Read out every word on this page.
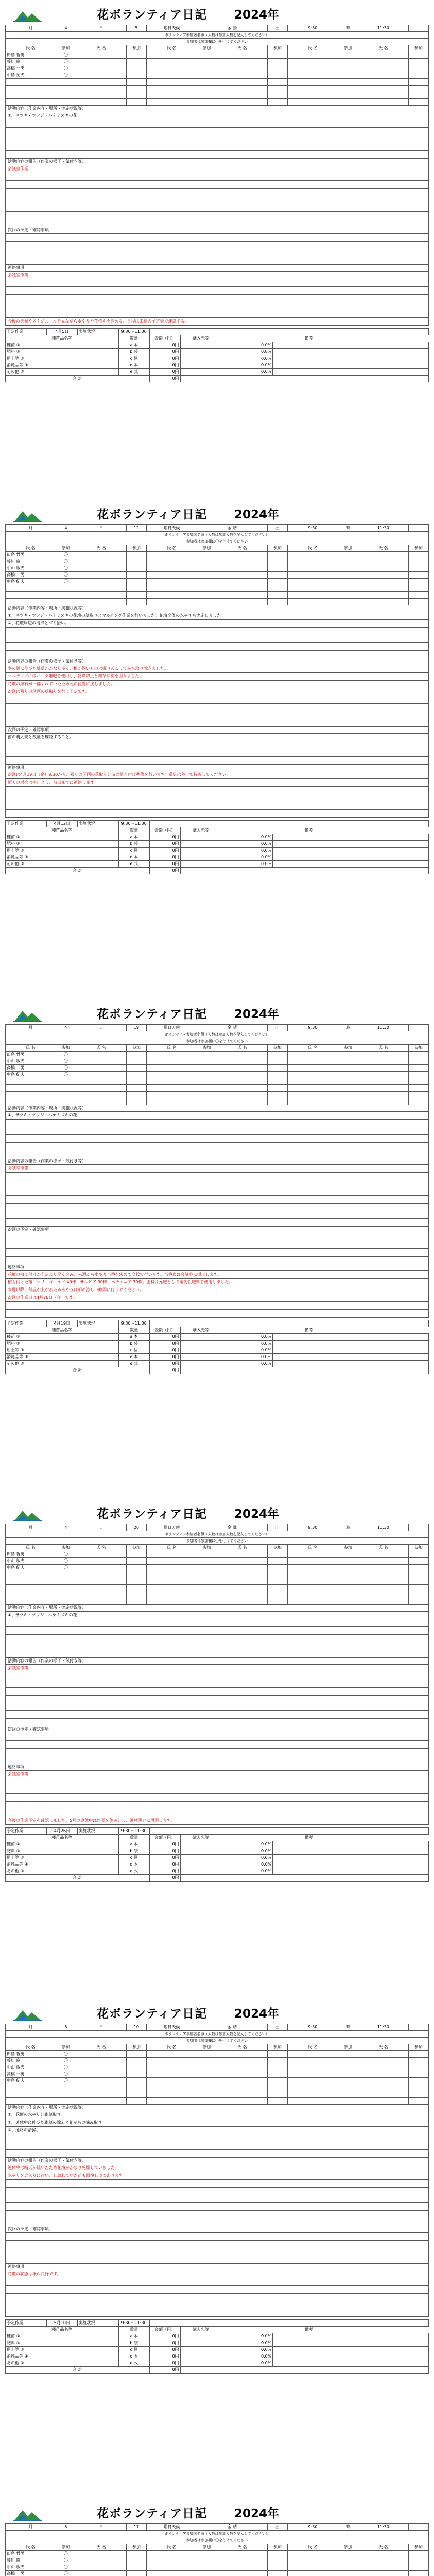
花ボランティア日記 2024年
月	4	日	5	曜日天候	金 曇		出	9:30	時	11:30	
ボランティア参加者名簿（人数は参加人数を記入してください）											
参加者は参加欄に〇を付けてください											
氏 名	参加	氏 名	参加	氏 名	参加	氏 名	参加	氏 名	参加	氏 名	参加
田島 哲男	〇										
藤川 慶	〇										
高橋 一男	〇										
中島 紀夫	〇										

活動内容（作業内容・場所・実施状況等）
①、サツキ・ツツジ・ハナミズキの花
活動内容の報告（作業の様子・気付き等）
会議室作業
次回の予定・確認事項
連絡事項
会議室作業
今後の天候やスケジュールを見ながら水やりや花植えを進める。日程は来週の予定表で連絡する。
予定作業	4月5日	実施状況	9:30～11:30				
種苗品名等			数量	金額（円）	購入先等	備考	
種苗 ①			a 本	0円		0.0%	
肥料 ②			b 袋	0円		0.0%	
用土等 ③			c 個	0円		0.0%	
消耗品等 ④			d 本	0円		0.0%	
その他 ⑤			e 式	0円		0.0%	
合 計				0円			
花ボランティア日記 2024年
月	4	日	12	曜日天候	金 晴		出	9:30	時	11:30	
ボランティア参加者名簿（人数は参加人数を記入してください）											
参加者は参加欄に〇を付けてください											
氏 名	参加	氏 名	参加	氏 名	参加	氏 名	参加	氏 名	参加	氏 名	参加
田島 哲男	〇										
藤川 慶	〇										
中山 敏夫	〇										
高橋 一男	〇										
中島 紀夫	〇										

活動内容（作業内容・場所・実施状況等）
①、サツキ・ツツジ・ハナミズキの花壇の草取りとマルチング作業を行いました。花壇全体の水やりも実施しました。
②、花壇周辺の清掃とゴミ拾い。
活動内容の報告（作業の様子・気付き等）
冬の間に伸びた雑草がかなり多く、根が深いものは掘り起こしてから取り除きました。
マルチングにはバーク堆肥を使用し、乾燥防止と雑草抑制を図りました。
花壇の縁石が一部ずれていたため元の位置に戻しました。
次回は残りの区画の草取りを行う予定です。
次回の予定・確認事項
苗の購入先と数量を確認すること。
連絡事項
次回は4月19日（金）9:30から、残りの区画の草取りと苗の植え付け準備を行います。道具は各自で持参してください。
雨天の場合は中止とし、前日までに連絡します。
予定作業	4月12日	実施状況	9:30～11:30				
種苗品名等			数量	金額（円）	購入先等	備考	
種苗 ①			a 本	0円		0.0%	
肥料 ②			b 袋	0円		0.0%	
用土等 ③			c 個	0円		0.0%	
消耗品等 ④			d 本	0円		0.0%	
その他 ⑤			e 式	0円		0.0%	
合 計				0円			
花ボランティア日記 2024年
月	4	日	19	曜日天候	金 晴		出	9:30	時	11:30	
ボランティア参加者名簿（人数は参加人数を記入してください）											
参加者は参加欄に〇を付けてください											
氏 名	参加	氏 名	参加	氏 名	参加	氏 名	参加	氏 名	参加	氏 名	参加
田島 哲男	〇										
中山 敏夫	〇										
高橋 一男	〇										
中島 紀夫	〇										

活動内容（作業内容・場所・実施状況等）
①、サツキ・ツツジ・ハナミズキの花
活動内容の報告（作業の様子・気付き等）
会議室作業
次回の予定・確認事項
連絡事項
花壇の植え付けが予定より早く進み、来週から水やり当番を決めて交代で行います。当番表は会議室に掲示します。
植え付けた苗：マリーゴールド 40株、サルビア 30株、ペチュニア 30株。肥料は元肥として緩効性肥料を使用しました。
来週以降、気温が上がるため水やりは朝の涼しい時間に行ってください。
次回の作業日は4月26日（金）です。
予定作業	4月19日	実施状況	9:30～11:30				
種苗品名等			数量	金額（円）	購入先等	備考	
種苗 ①			a 本	0円		0.0%	
肥料 ②			b 袋	0円		0.0%	
用土等 ③			c 個	0円		0.0%	
消耗品等 ④			d 本	0円		0.0%	
その他 ⑤			e 式	0円		0.0%	
合 計				0円			
花ボランティア日記 2024年
月	4	日	26	曜日天候	金 曇		出	9:30	時	11:30	
ボランティア参加者名簿（人数は参加人数を記入してください）											
参加者は参加欄に〇を付けてください											
氏 名	参加	氏 名	参加	氏 名	参加	氏 名	参加	氏 名	参加	氏 名	参加
田島 哲男	〇										
中山 敏夫	〇										
中島 紀夫	〇										

活動内容（作業内容・場所・実施状況等）
①、サツキ・ツツジ・ハナミズキの花
活動内容の報告（作業の様子・気付き等）
会議室作業
次回の予定・確認事項
連絡事項
会議室作業
今後の作業予定を確認しました。5月の連休中は作業を休みとし、連休明けに再開します。
予定作業	4月26日	実施状況	9:30～11:30				
種苗品名等			数量	金額（円）	購入先等	備考	
種苗 ①			a 本	0円		0.0%	
肥料 ②			b 袋	0円		0.0%	
用土等 ③			c 個	0円		0.0%	
消耗品等 ④			d 本	0円		0.0%	
その他 ⑤			e 式	0円		0.0%	
合 計				0円			
花ボランティア日記 2024年
月	5	日	10	曜日天候	金 晴		出	9:30	時	11:30	
ボランティア参加者名簿（人数は参加人数を記入してください）											
参加者は参加欄に〇を付けてください											
氏 名	参加	氏 名	参加	氏 名	参加	氏 名	参加	氏 名	参加	氏 名	参加
田島 哲男	〇										
藤川 慶	〇										
中山 敏夫	〇										
高橋 一男	〇										
中島 紀夫	〇										

活動内容（作業内容・場所・実施状況等）
①、花壇の水やりと雑草取り。
②、連休中に伸びた雑草の除去と花がらの摘み取り。
③、通路の清掃。
活動内容の報告（作業の様子・気付き等）
連休中は晴天が続いたため花壇がかなり乾燥していました。
水やりを念入りに行い、しおれていた苗も回復しつつあります。
次回の予定・確認事項
連絡事項
花壇の状態は概ね良好です。
予定作業	5月10日	実施状況	9:30～11:30				
種苗品名等			数量	金額（円）	購入先等	備考	
種苗 ①			a 本	0円		0.0%	
肥料 ②			b 袋	0円		0.0%	
用土等 ③			c 個	0円		0.0%	
消耗品等 ④			d 本	0円		0.0%	
その他 ⑤			e 式	0円		0.0%	
合 計				0円			
花ボランティア日記 2024年
月	5	日	17	曜日天候	金 晴		出	9:30	時	11:30	
ボランティア参加者名簿（人数は参加人数を記入してください）											
参加者は参加欄に〇を付けてください											
氏 名	参加	氏 名	参加	氏 名	参加	氏 名	参加	氏 名	参加	氏 名	参加
田島 哲男	〇										
藤川 慶	〇										
中山 敏夫	〇										
高橋 一男	〇										
